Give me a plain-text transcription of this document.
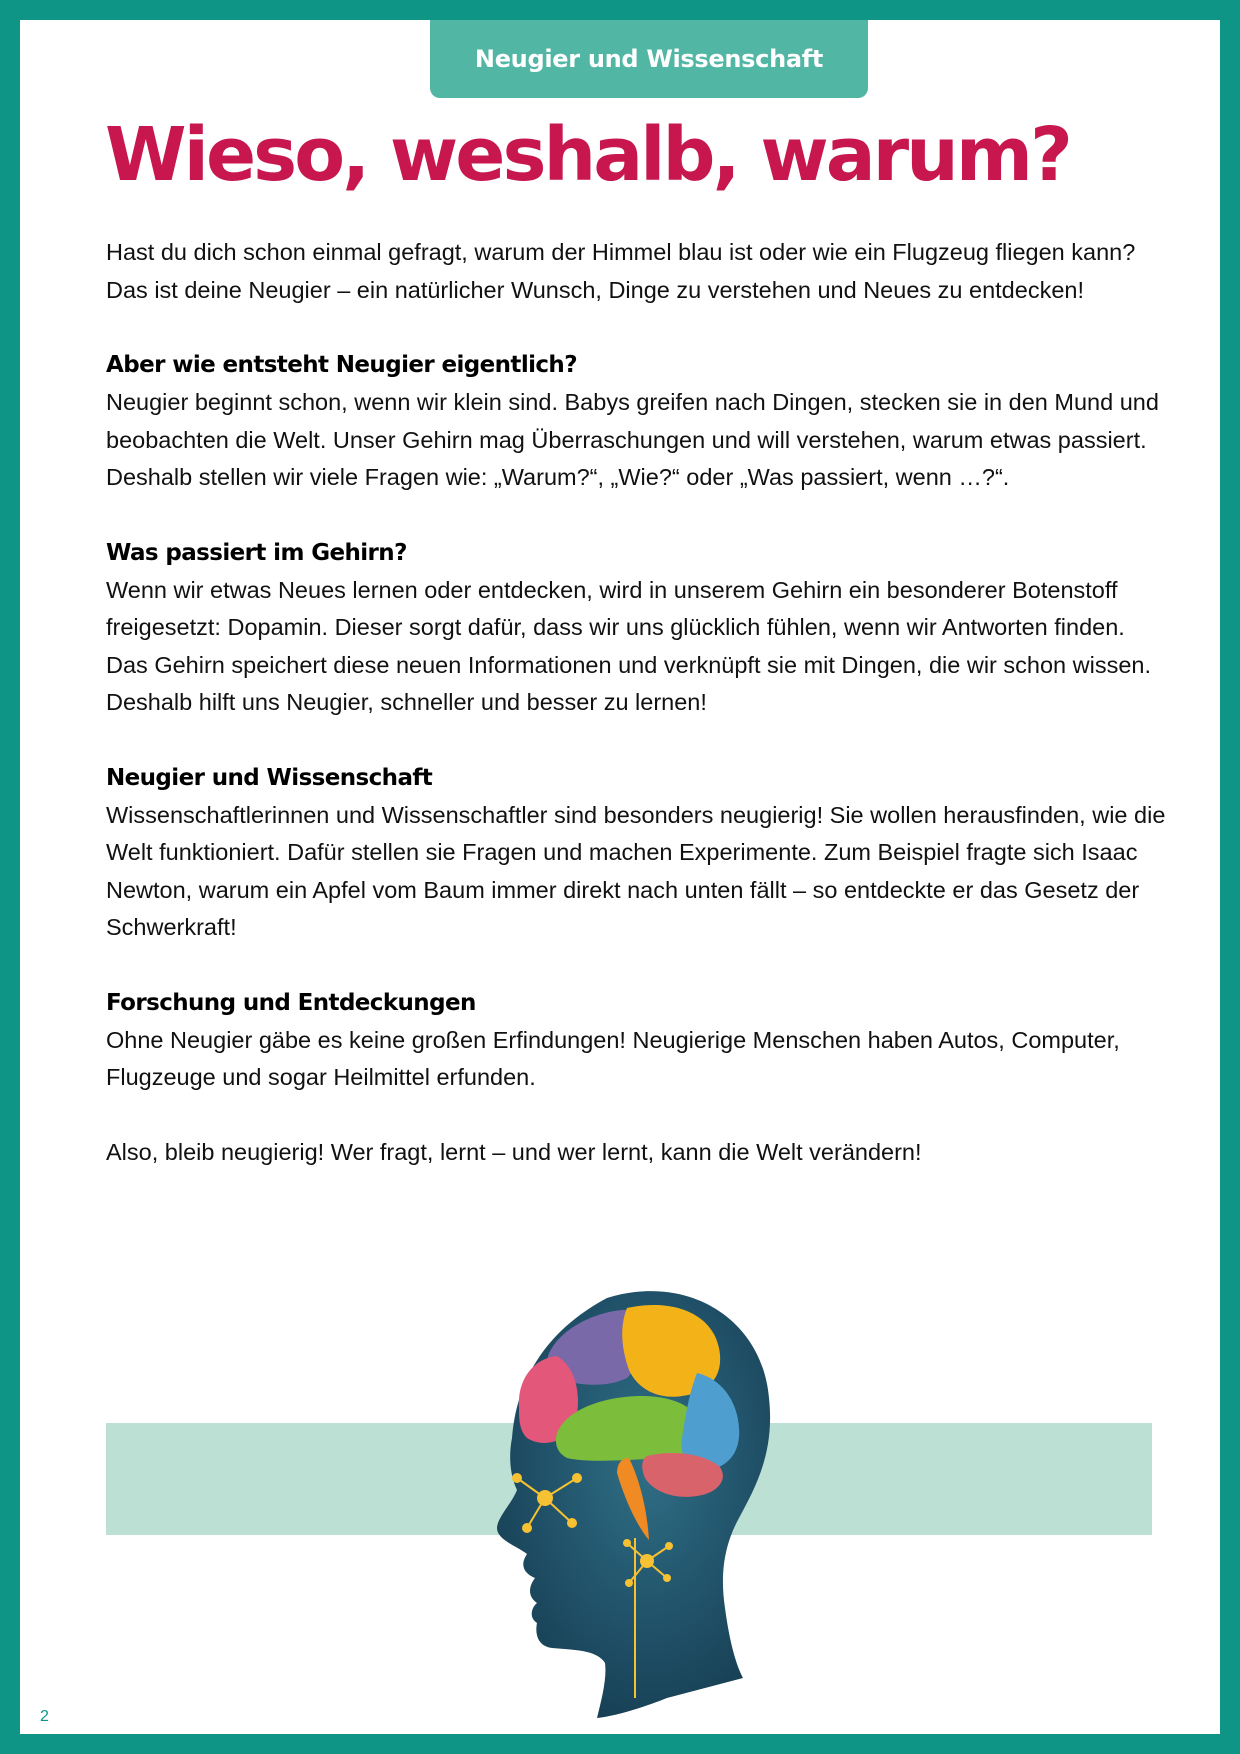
Neugier und Wissenschaft
Wieso, weshalb, warum?

Hast du dich schon einmal gefragt, warum der Himmel blau ist oder wie ein Flugzeug fliegen kann? Das ist deine Neugier – ein natürlicher Wunsch, Dinge zu verstehen und Neues zu entdecken!

Aber wie entsteht Neugier eigentlich?

Neugier beginnt schon, wenn wir klein sind. Babys greifen nach Dingen, stecken sie in den Mund und beobachten die Welt. Unser Gehirn mag Überraschungen und will verstehen, warum etwas passiert. Deshalb stellen wir viele Fragen wie: „Warum?“, „Wie?“ oder „Was passiert, wenn …?“.

Was passiert im Gehirn?

Wenn wir etwas Neues lernen oder entdecken, wird in unserem Gehirn ein besonderer Botenstoff freigesetzt: Dopamin. Dieser sorgt dafür, dass wir uns glücklich fühlen, wenn wir Antworten finden. Das Gehirn speichert diese neuen Informationen und verknüpft sie mit Dingen, die wir schon wissen. Deshalb hilft uns Neugier, schneller und besser zu lernen!

Neugier und Wissenschaft

Wissenschaftlerinnen und Wissenschaftler sind besonders neugierig! Sie wollen herausfinden, wie die Welt funktioniert. Dafür stellen sie Fragen und machen Experimente. Zum Beispiel fragte sich Isaac Newton, warum ein Apfel vom Baum immer direkt nach unten fällt – so entdeckte er das Gesetz der Schwerkraft!

Forschung und Entdeckungen

Ohne Neugier gäbe es keine großen Erfindungen! Neugierige Menschen haben Autos, Computer, Flugzeuge und sogar Heilmittel erfunden.

Also, bleib neugierig! Wer fragt, lernt – und wer lernt, kann die Welt verändern!

2
